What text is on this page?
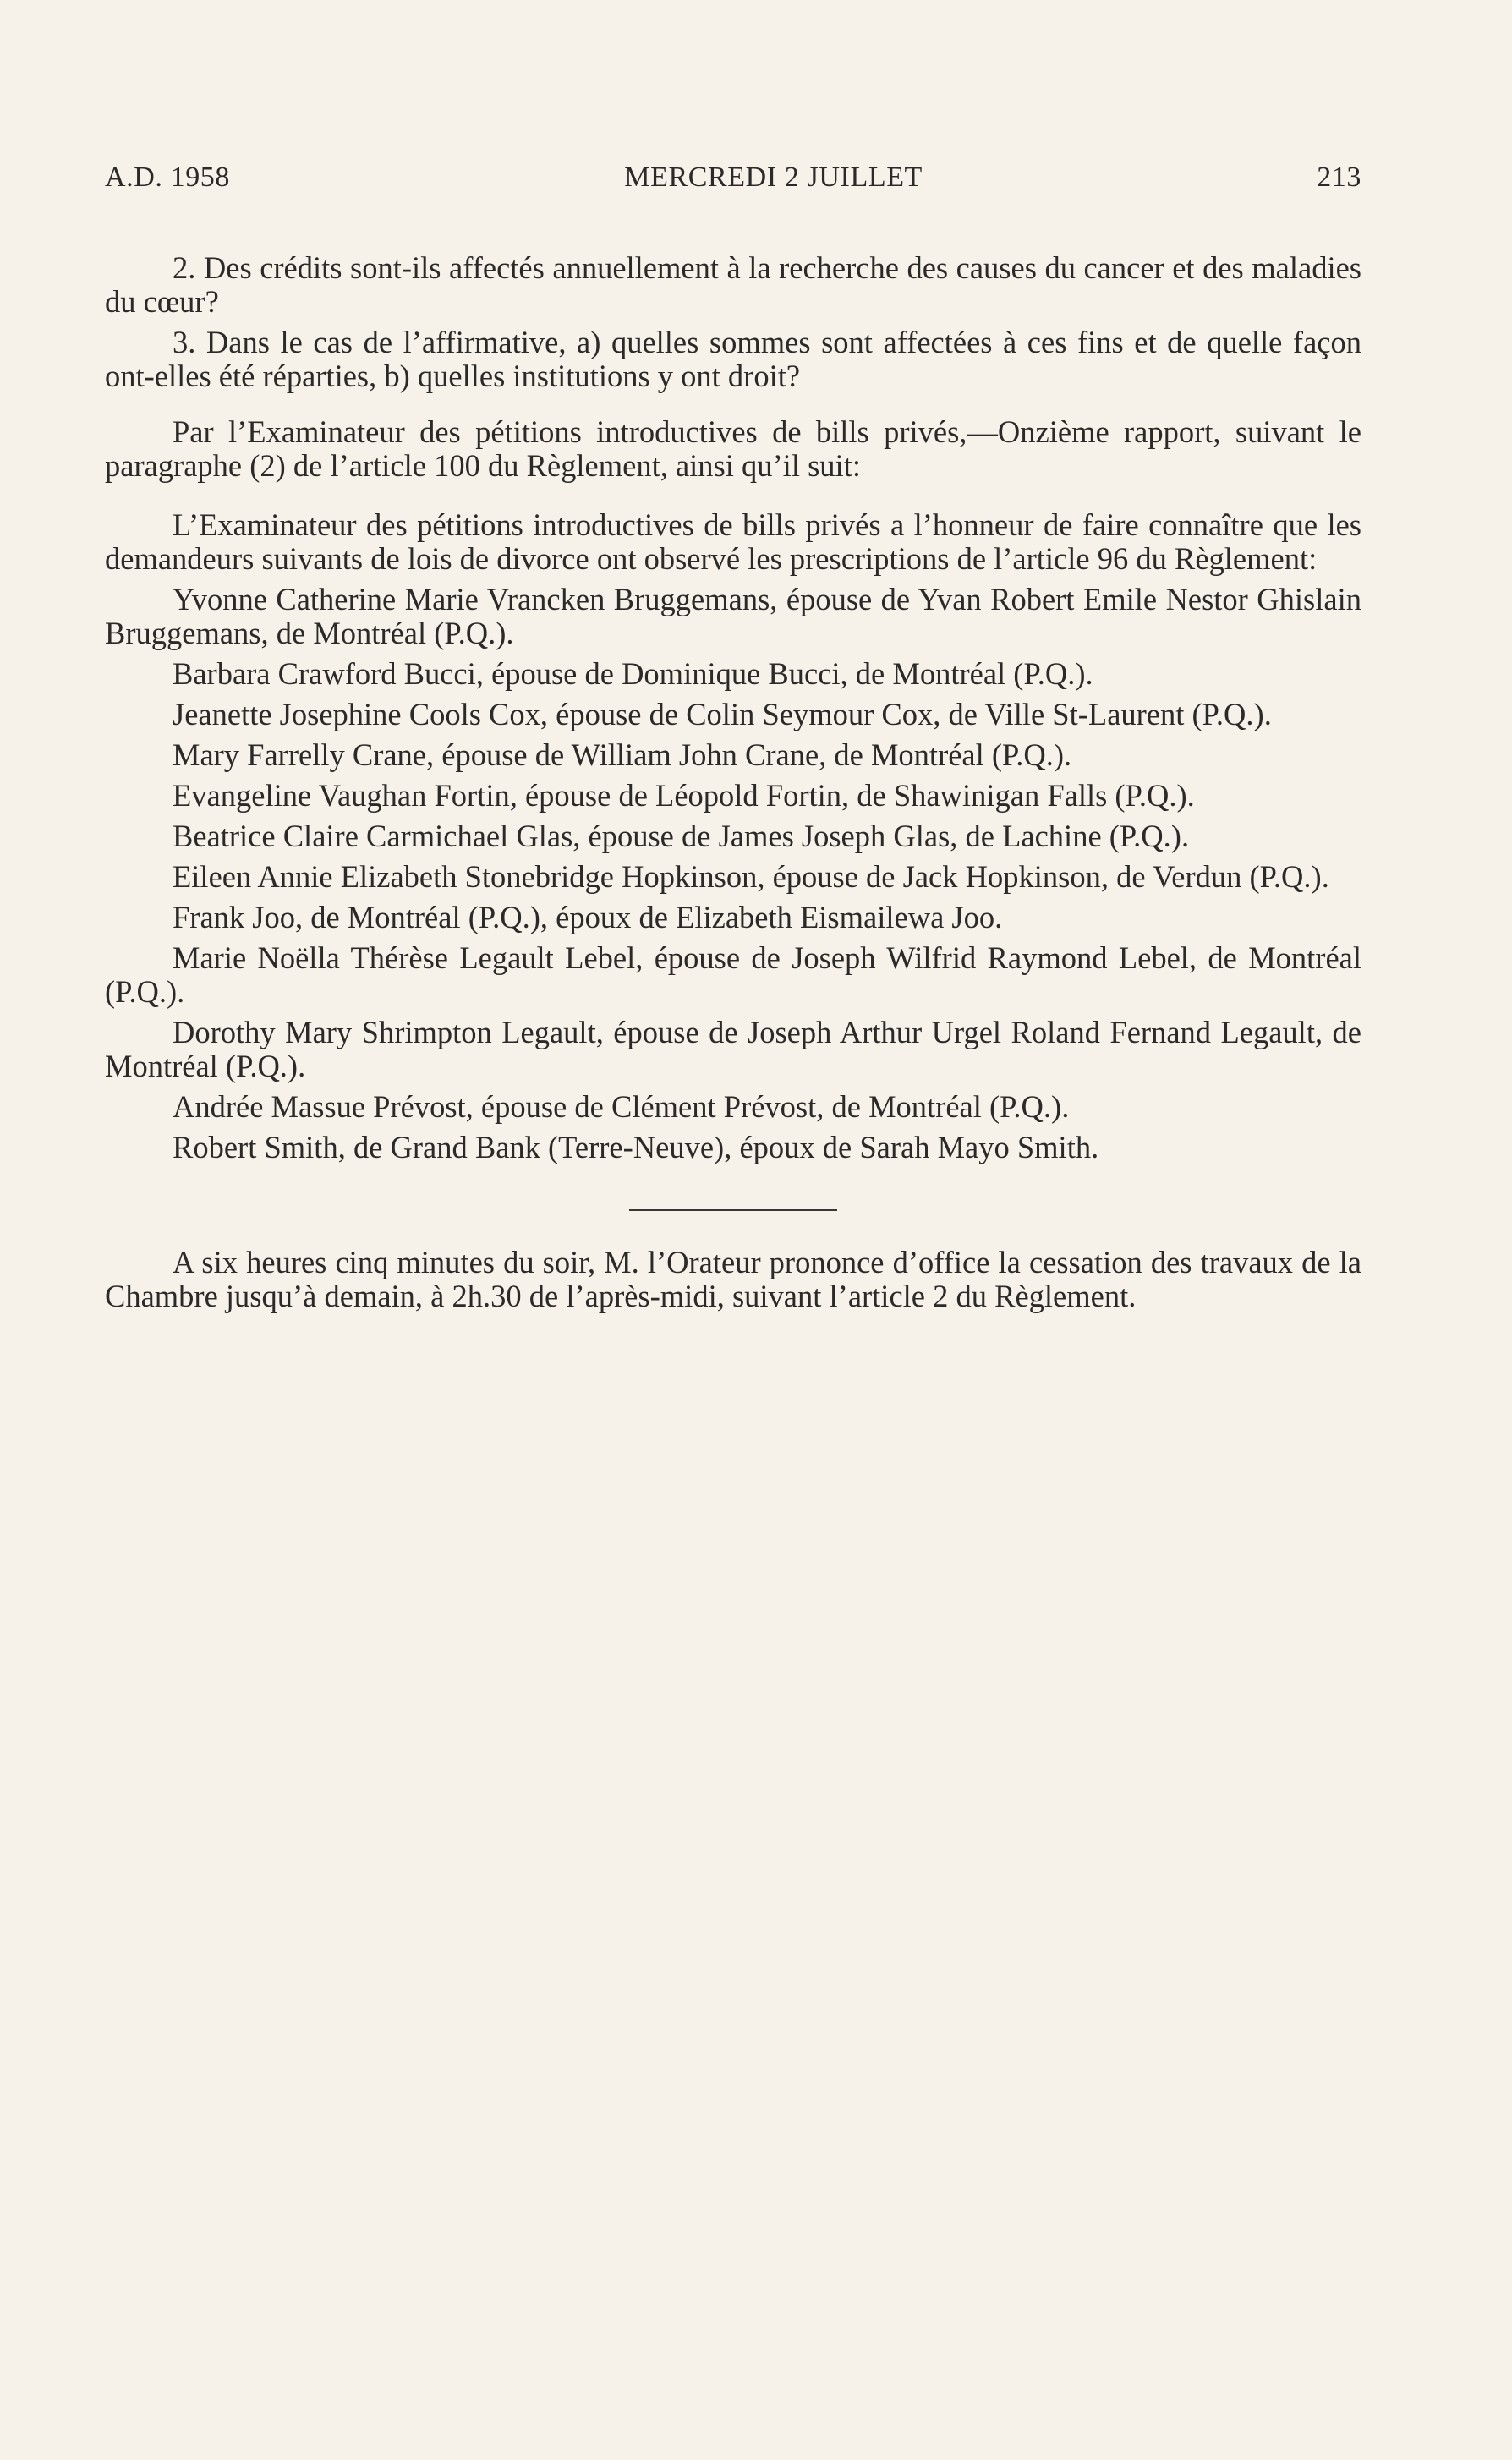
A.D. 1958	MERCREDI 2 JUILLET	213

2. Des crédits sont-ils affectés annuellement à la recherche des causes du cancer et des maladies du cœur?

3. Dans le cas de l’affirmative, a) quelles sommes sont affectées à ces fins et de quelle façon ont-elles été réparties, b) quelles institutions y ont droit?

Par l’Examinateur des pétitions introductives de bills privés,—Onzième rapport, suivant le paragraphe (2) de l’article 100 du Règlement, ainsi qu’il suit:

L’Examinateur des pétitions introductives de bills privés a l’honneur de faire connaître que les demandeurs suivants de lois de divorce ont observé les prescriptions de l’article 96 du Règlement:

Yvonne Catherine Marie Vrancken Bruggemans, épouse de Yvan Robert Emile Nestor Ghislain Bruggemans, de Montréal (P.Q.).

Barbara Crawford Bucci, épouse de Dominique Bucci, de Montréal (P.Q.).

Jeanette Josephine Cools Cox, épouse de Colin Seymour Cox, de Ville St-Laurent (P.Q.).

Mary Farrelly Crane, épouse de William John Crane, de Montréal (P.Q.).

Evangeline Vaughan Fortin, épouse de Léopold Fortin, de Shawinigan Falls (P.Q.).

Beatrice Claire Carmichael Glas, épouse de James Joseph Glas, de Lachine (P.Q.).

Eileen Annie Elizabeth Stonebridge Hopkinson, épouse de Jack Hopkinson, de Verdun (P.Q.).

Frank Joo, de Montréal (P.Q.), époux de Elizabeth Eismailewa Joo.

Marie Noëlla Thérèse Legault Lebel, épouse de Joseph Wilfrid Raymond Lebel, de Montréal (P.Q.).

Dorothy Mary Shrimpton Legault, épouse de Joseph Arthur Urgel Roland Fernand Legault, de Montréal (P.Q.).

Andrée Massue Prévost, épouse de Clément Prévost, de Montréal (P.Q.).

Robert Smith, de Grand Bank (Terre-Neuve), époux de Sarah Mayo Smith.

A six heures cinq minutes du soir, M. l’Orateur prononce d’office la cessation des travaux de la Chambre jusqu’à demain, à 2h.30 de l’après-midi, suivant l’article 2 du Règlement.
